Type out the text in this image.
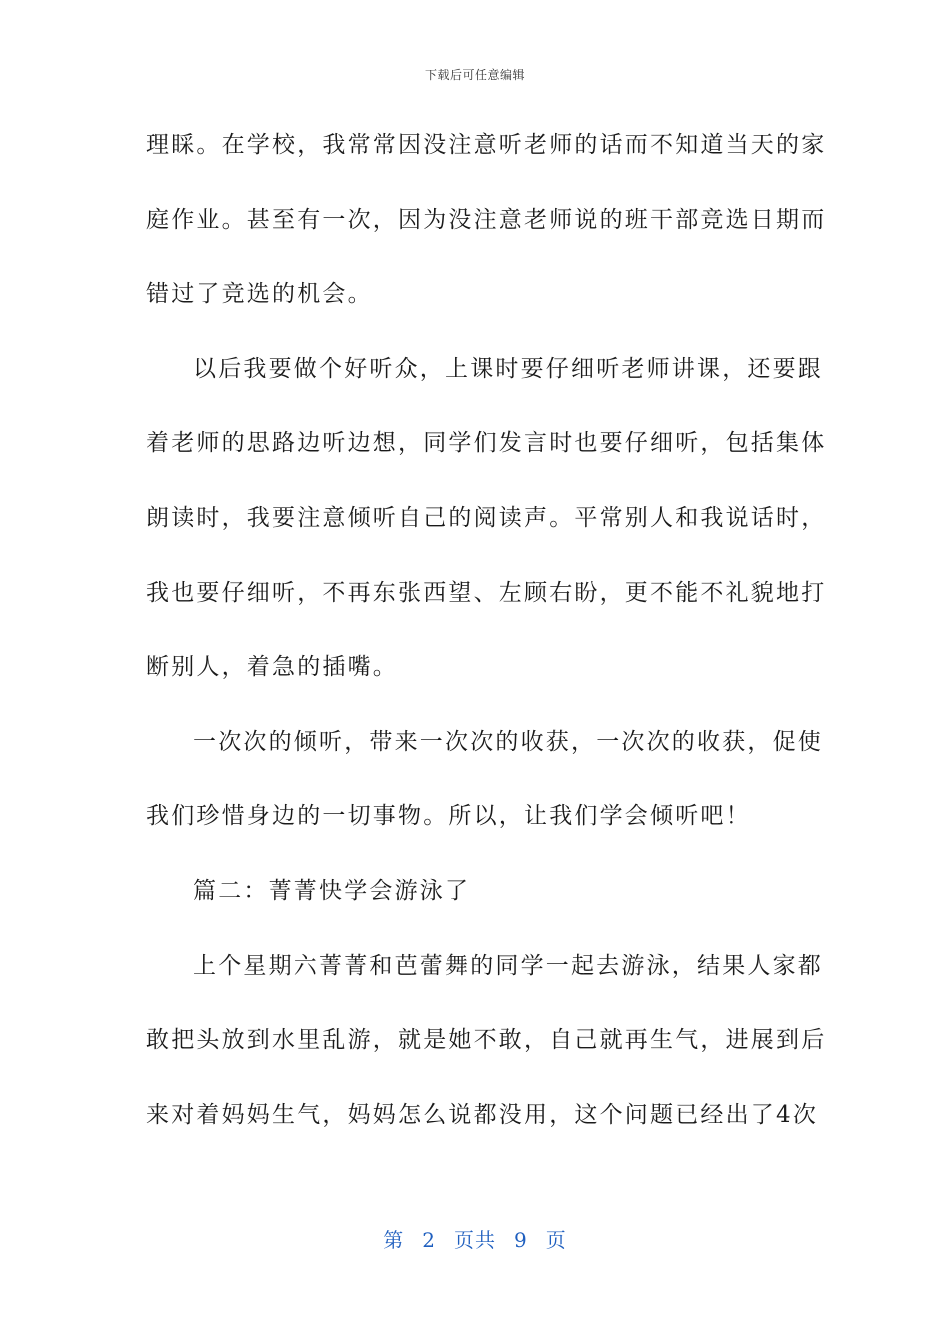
下载后可任意编辑
理睬。在学校，我常常因没注意听老师的话而不知道当天的家
庭作业。甚至有一次，因为没注意老师说的班干部竞选日期而
错过了竞选的机会。
以后我要做个好听众，上课时要仔细听老师讲课，还要跟
着老师的思路边听边想，同学们发言时也要仔细听，包括集体
朗读时，我要注意倾听自己的阅读声。平常别人和我说话时，
我也要仔细听，不再东张西望、左顾右盼，更不能不礼貌地打
断别人，着急的插嘴。
一次次的倾听，带来一次次的收获，一次次的收获，促使
我们珍惜身边的一切事物。所以，让我们学会倾听吧！
篇二：菁菁快学会游泳了
上个星期六菁菁和芭蕾舞的同学一起去游泳，结果人家都
敢把头放到水里乱游，就是她不敢，自己就再生气，进展到后
来对着妈妈生气，妈妈怎么说都没用，这个问题已经出了4次
第 2 页共 9 页
